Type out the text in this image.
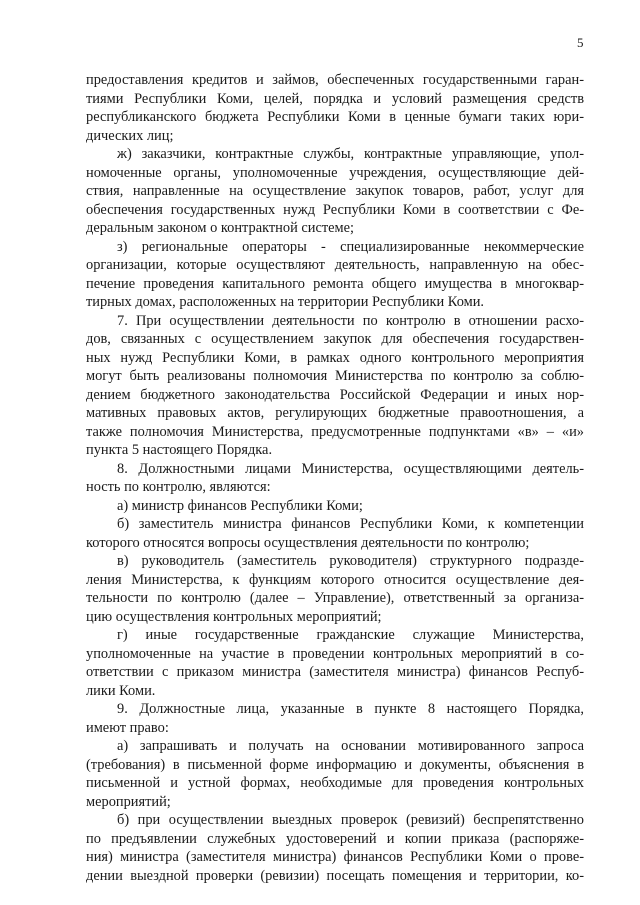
5
предоставления кредитов и займов, обеспеченных государственными гаран-
тиями Республики Коми, целей, порядка и условий размещения средств
республиканского бюджета Республики Коми в ценные бумаги таких юри-
дических лиц;
ж) заказчики, контрактные службы, контрактные управляющие, упол-
номоченные органы, уполномоченные учреждения, осуществляющие дей-
ствия, направленные на осуществление закупок товаров, работ, услуг для
обеспечения государственных нужд Республики Коми в соответствии с Фе-
деральным законом о контрактной системе;
з) региональные операторы - специализированные некоммерческие
организации, которые осуществляют деятельность, направленную на обес-
печение проведения капитального ремонта общего имущества в многоквар-
тирных домах, расположенных на территории Республики Коми.
7. При осуществлении деятельности по контролю в отношении расхо-
дов, связанных с осуществлением закупок для обеспечения государствен-
ных нужд Республики Коми, в рамках одного контрольного мероприятия
могут быть реализованы полномочия Министерства по контролю за соблю-
дением бюджетного законодательства Российской Федерации и иных нор-
мативных правовых актов, регулирующих бюджетные правоотношения, а
также полномочия Министерства, предусмотренные подпунктами «в» – «и»
пункта 5 настоящего Порядка.
8. Должностными лицами Министерства, осуществляющими деятель-
ность по контролю, являются:
а) министр финансов Республики Коми;
б) заместитель министра финансов Республики Коми, к компетенции
которого относятся вопросы осуществления деятельности по контролю;
в) руководитель (заместитель руководителя) структурного подразде-
ления Министерства, к функциям которого относится осуществление дея-
тельности по контролю (далее – Управление), ответственный за организа-
цию осуществления контрольных мероприятий;
г) иные государственные гражданские служащие Министерства,
уполномоченные на участие в проведении контрольных мероприятий в со-
ответствии с приказом министра (заместителя министра) финансов Респуб-
лики Коми.
9. Должностные лица, указанные в пункте 8 настоящего Порядка,
имеют право:
а) запрашивать и получать на основании мотивированного запроса
(требования) в письменной форме информацию и документы, объяснения в
письменной и устной формах, необходимые для проведения контрольных
мероприятий;
б) при осуществлении выездных проверок (ревизий) беспрепятственно
по предъявлении служебных удостоверений и копии приказа (распоряже-
ния) министра (заместителя министра) финансов Республики Коми о прове-
дении выездной проверки (ревизии) посещать помещения и территории, ко-
